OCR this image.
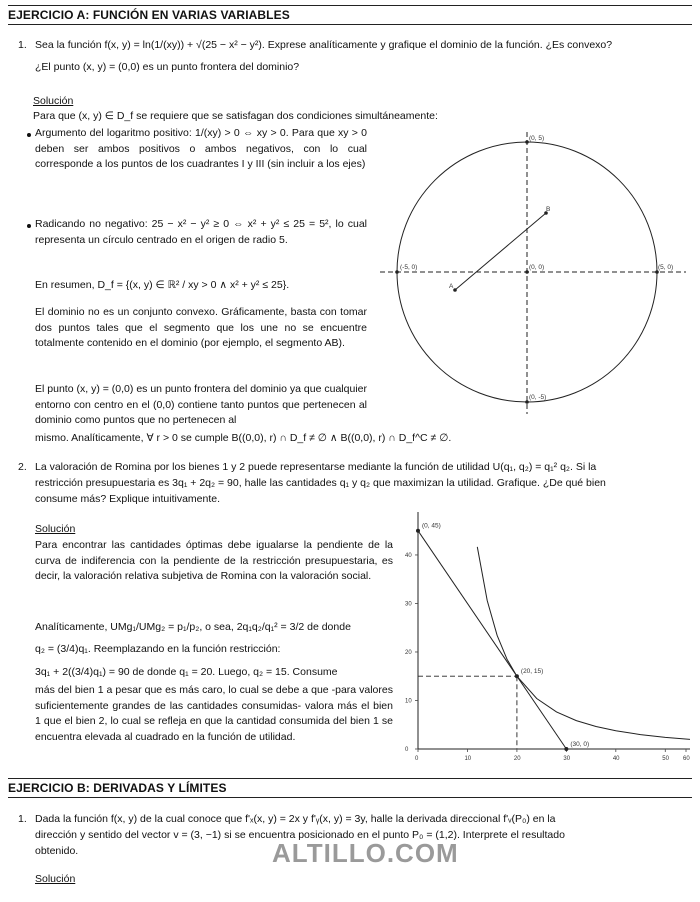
EJERCICIO A: FUNCIÓN EN VARIAS VARIABLES
1. Sea la función f(x, y) = ln(1/(xy)) + √(25 − x² − y²). Exprese analíticamente y grafique el dominio de la función. ¿Es convexo?
¿El punto (x, y) = (0,0) es un punto frontera del dominio?
Solución
Para que (x, y) ∈ D_f se requiere que se satisfagan dos condiciones simultáneamente:
Argumento del logaritmo positivo: 1/(xy) > 0 ⇔ xy > 0. Para que xy > 0 deben ser ambos positivos o ambos negativos, con lo cual corresponde a los puntos de los cuadrantes I y III (sin incluir a los ejes)
Radicando no negativo: 25 − x² − y² ≥ 0 ⇔ x² + y² ≤ 25 = 5², lo cual representa un círculo centrado en el origen de radio 5.
En resumen, D_f = {(x, y) ∈ ℝ² / xy > 0 ∧ x² + y² ≤ 25}.
El dominio no es un conjunto convexo. Gráficamente, basta con tomar dos puntos tales que el segmento que los une no se encuentre totalmente contenido en el dominio (por ejemplo, el segmento AB).
El punto (x, y) = (0,0) es un punto frontera del dominio ya que cualquier entorno con centro en el (0,0) contiene tanto puntos que pertenecen al dominio como puntos que no pertenecen al
mismo. Analíticamente, ∀ r > 0 se cumple B((0,0), r) ∩ D_f ≠ ∅ ∧ B((0,0), r) ∩ D_f^C ≠ ∅.
(0, 5)
(0, -5)
(-5, 0)	(5, 0)
(0, 0)
A
B
2. La valoración de Romina por los bienes 1 y 2 puede representarse mediante la función de utilidad U(q₁, q₂) = q₁² q₂. Si la
restricción presupuestaria es 3q₁ + 2q₂ = 90, halle las cantidades q₁ y q₂ que maximizan la utilidad. Grafique. ¿De qué bien
consume más? Explique intuitivamente.
Solución
Para encontrar las cantidades óptimas debe igualarse la pendiente de la curva de indiferencia con la pendiente de la restricción presupuestaria, es decir, la valoración relativa subjetiva de Romina con la valoración social.
Analíticamente, UMg₁/UMg₂ = p₁/p₂, o sea, 2q₁q₂/q₁² = 3/2 de donde
q₂ = (3/4)q₁. Reemplazando en la función restricción:
3q₁ + 2((3/4)q₁) = 90 de donde q₁ = 20. Luego, q₂ = 15. Consume
más del bien 1 a pesar que es más caro, lo cual se debe a que -para valores suficientemente grandes de las cantidades consumidas- valora más el bien 1 que el bien 2, lo cual se refleja en que la cantidad consumida del bien 1 se encuentra elevada al cuadrado en la función de utilidad.
0	10	20	30	40	50 60
0
10
20
30
40
(0, 45)
(20, 15)
(30, 0)
EJERCICIO B: DERIVADAS Y LÍMITES
1. Dada la función f(x, y) de la cual conoce que f'ₓ(x, y) = 2x y f'ᵧ(x, y) = 3y, halle la derivada direccional f'ᵥ(P₀) en la
dirección y sentido del vector v = (3, −1) si se encuentra posicionado en el punto P₀ = (1,2). Interprete el resultado
obtenido.	ALTILLO.COM
Solución
